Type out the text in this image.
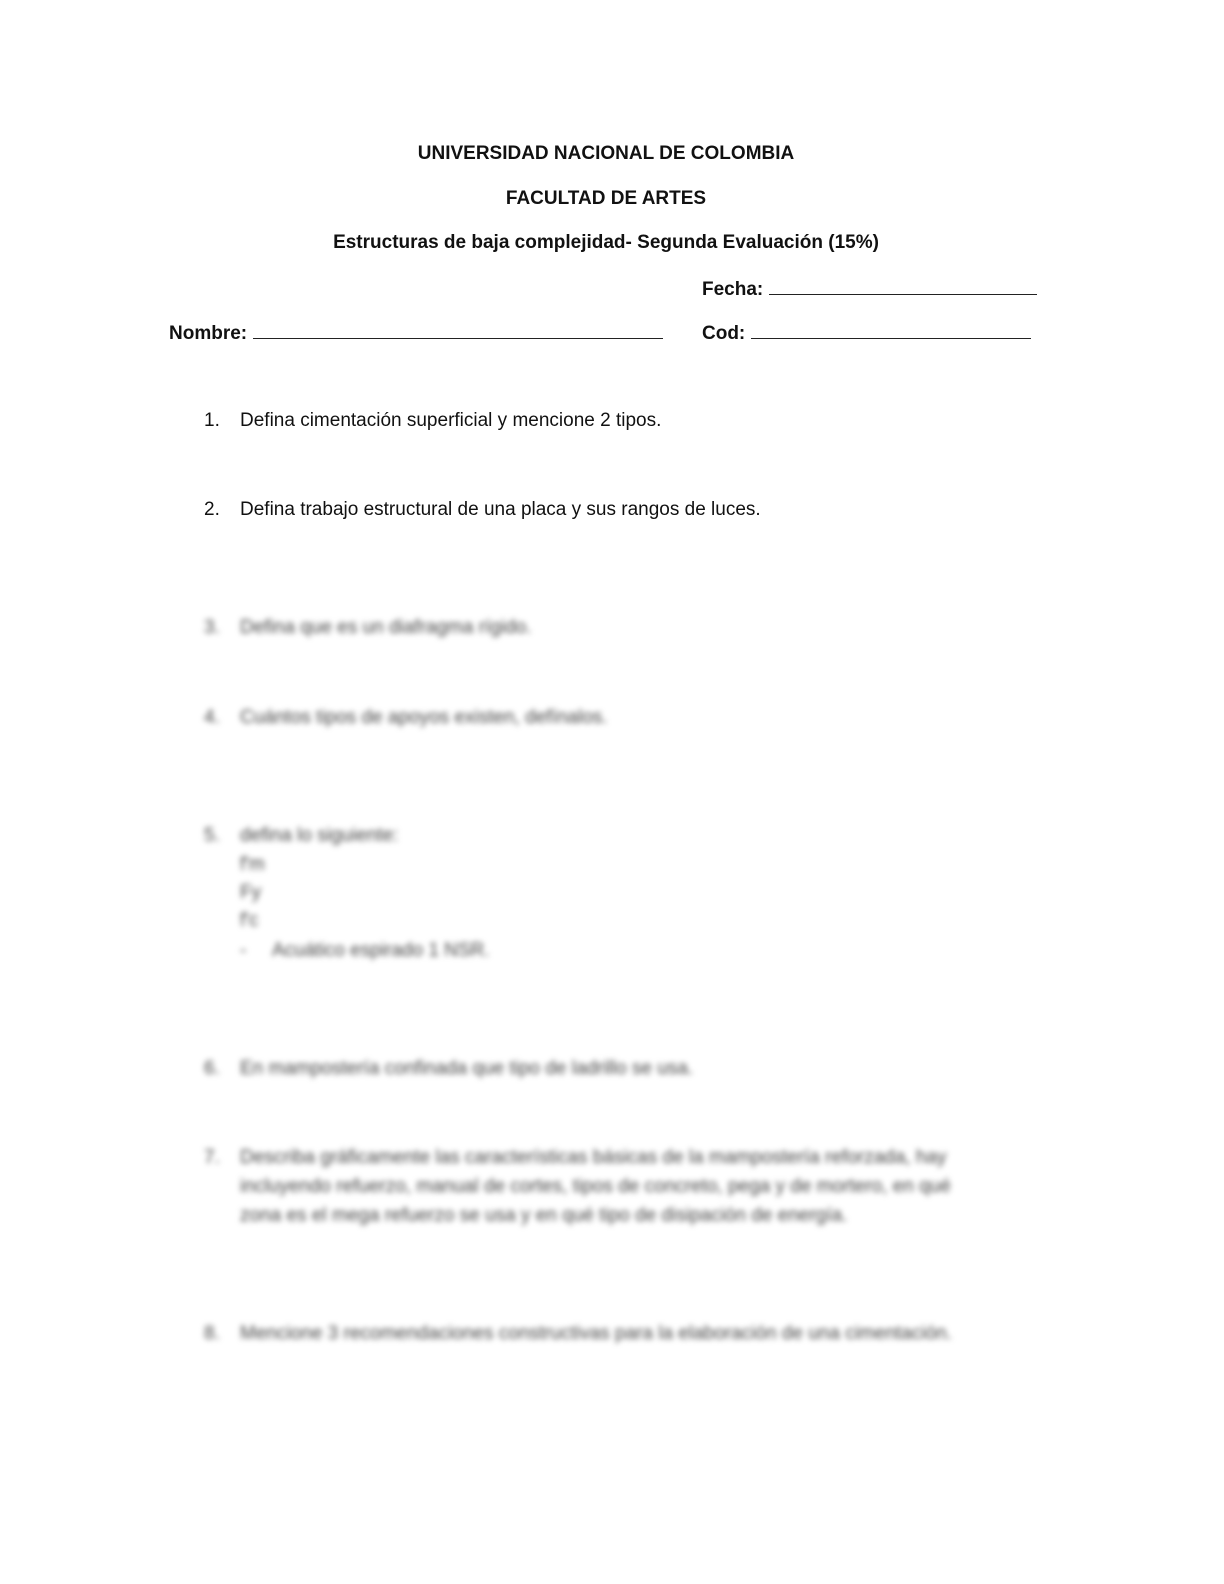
UNIVERSIDAD NACIONAL DE COLOMBIA
FACULTAD DE ARTES
Estructuras de baja complejidad- Segunda Evaluación (15%)
Fecha:
Nombre:	Cod:
1. Defina cimentación superficial y mencione 2 tipos.
2. Defina trabajo estructural de una placa y sus rangos de luces.
3. Defina que es un diafragma rígido.
4. Cuántos tipos de apoyos existen, defínalos.
5. defina lo siguiente:
f'm
Fy
f'c
- Acuático espirado 1 NSR.
6. En mampostería confinada que tipo de ladrillo se usa.
7. Describa gráficamente las características básicas de la mampostería reforzada, hay
incluyendo refuerzo, manual de cortes, tipos de concreto, pega y de mortero, en qué
zona es el mega refuerzo se usa y en qué tipo de disipación de energía.
8. Mencione 3 recomendaciones constructivas para la elaboración de una cimentación.
